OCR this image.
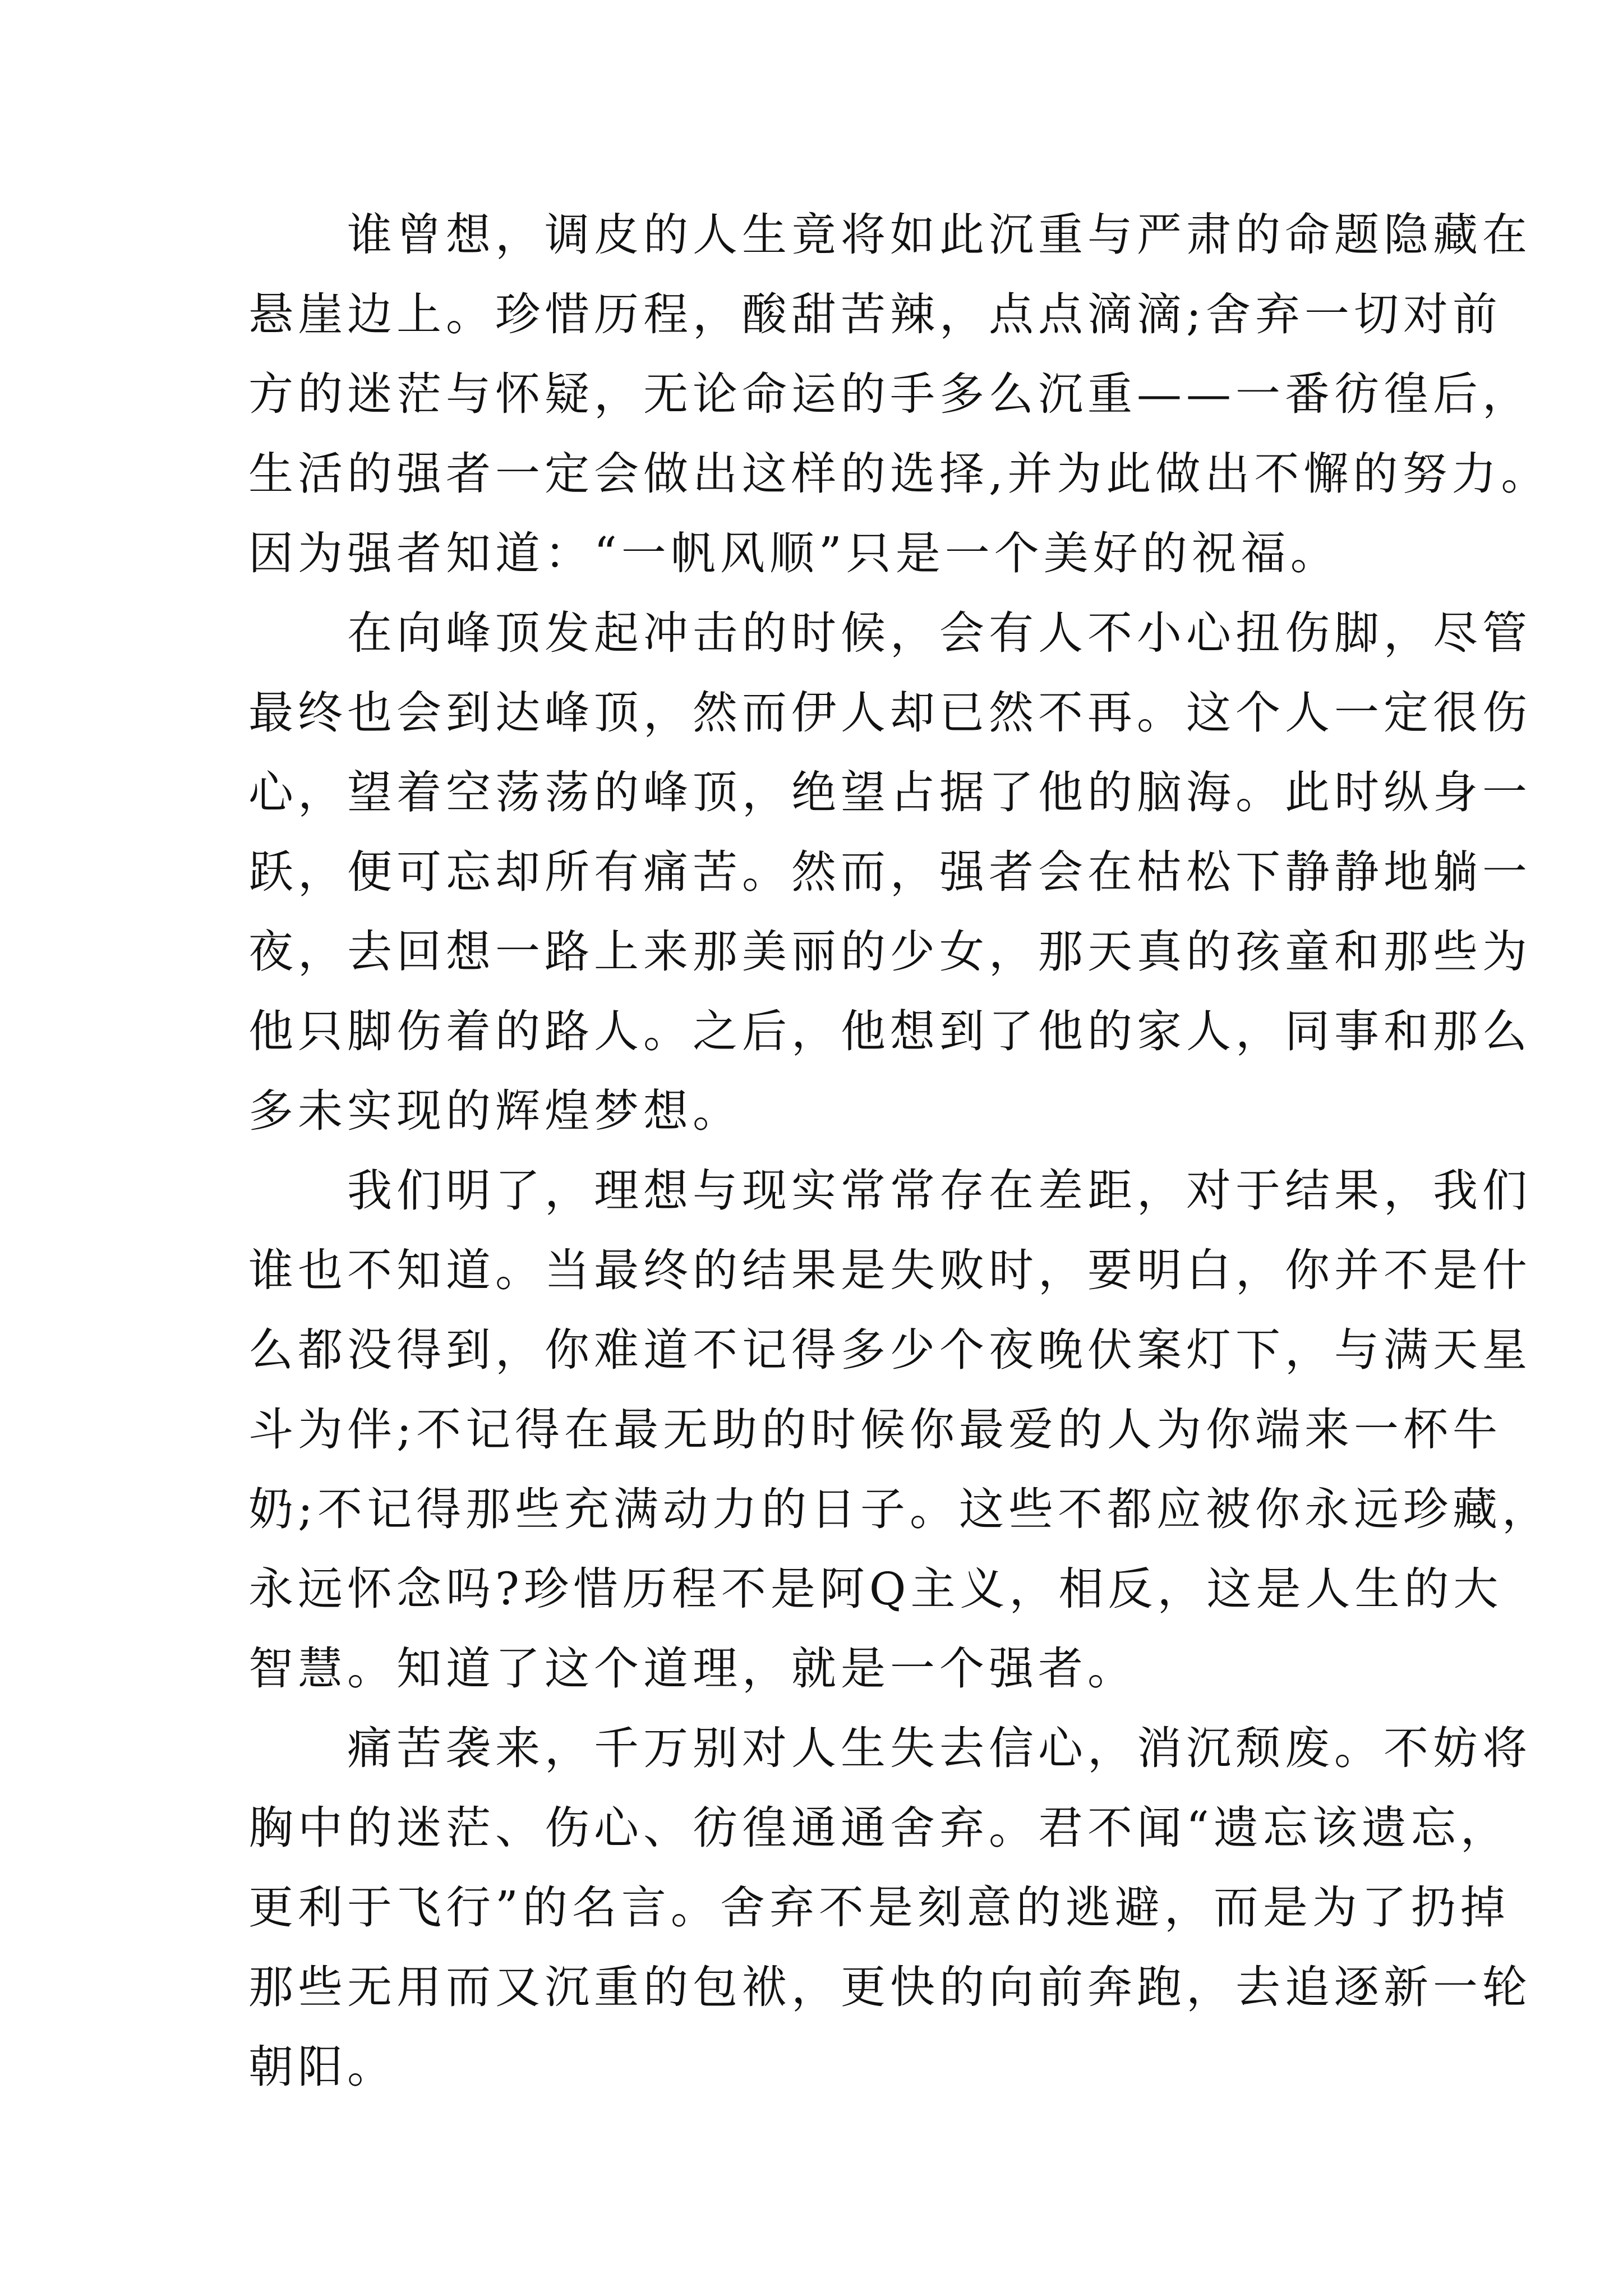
　　谁曾想，调皮的人生竟将如此沉重与严肃的命题隐藏在
悬崖边上。珍惜历程，酸甜苦辣，点点滴滴;舍弃一切对前
方的迷茫与怀疑，无论命运的手多么沉重——一番彷徨后，
生活的强者一定会做出这样的选择,并为此做出不懈的努力。
因为强者知道：“一帆风顺”只是一个美好的祝福。
　　在向峰顶发起冲击的时候，会有人不小心扭伤脚，尽管
最终也会到达峰顶，然而伊人却已然不再。这个人一定很伤
心，望着空荡荡的峰顶，绝望占据了他的脑海。此时纵身一
跃，便可忘却所有痛苦。然而，强者会在枯松下静静地躺一
夜，去回想一路上来那美丽的少女，那天真的孩童和那些为
他只脚伤着的路人。之后，他想到了他的家人，同事和那么
多未实现的辉煌梦想。
　　我们明了，理想与现实常常存在差距，对于结果，我们
谁也不知道。当最终的结果是失败时，要明白，你并不是什
么都没得到，你难道不记得多少个夜晚伏案灯下，与满天星
斗为伴;不记得在最无助的时候你最爱的人为你端来一杯牛
奶;不记得那些充满动力的日子。这些不都应被你永远珍藏，
永远怀念吗?珍惜历程不是阿Q主义，相反，这是人生的大
智慧。知道了这个道理，就是一个强者。
　　痛苦袭来，千万别对人生失去信心，消沉颓废。不妨将
胸中的迷茫、伤心、彷徨通通舍弃。君不闻“遗忘该遗忘，
更利于飞行”的名言。舍弃不是刻意的逃避，而是为了扔掉
那些无用而又沉重的包袱，更快的向前奔跑，去追逐新一轮
朝阳。
